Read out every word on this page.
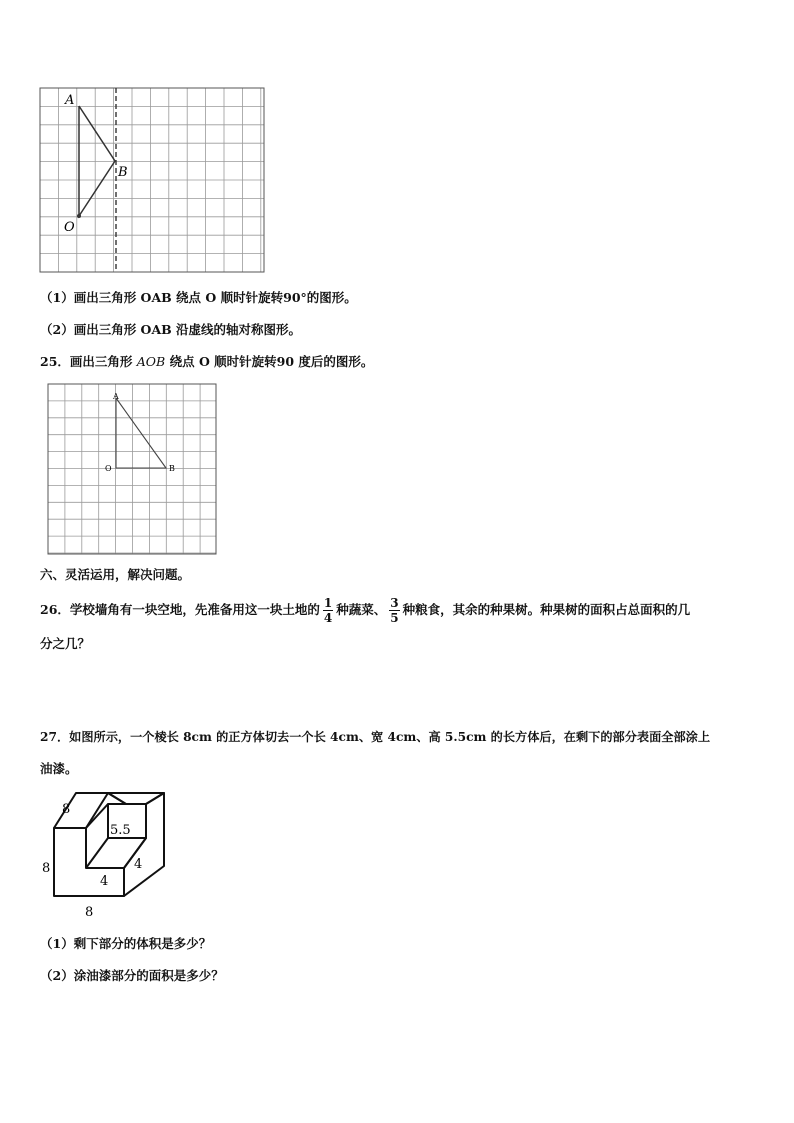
A
B
O
（1）画出三角形 OAB 绕点 O 顺时针旋转90°的图形。
（2）画出三角形 OAB 沿虚线的轴对称图形。
25．画出三角形 AOB 绕点 O 顺时针旋转90 度后的图形。
A
O	B
六、灵活运用，解决问题。
26．学校墙角有一块空地，先准备用这一块土地的 $\frac{1}{4}$ 种蔬菜、 $\frac{3}{5}$ 种粮食，其余的种果树。种果树的面积占总面积的几
分之几？
27．如图所示，一个棱长 8cm 的正方体切去一个长 4cm、宽 4cm、高 5.5cm 的长方体后，在剩下的部分表面全部涂上
油漆。
8
8
8
5.5
4
4
（1）剩下部分的体积是多少？
（2）涂油漆部分的面积是多少？
